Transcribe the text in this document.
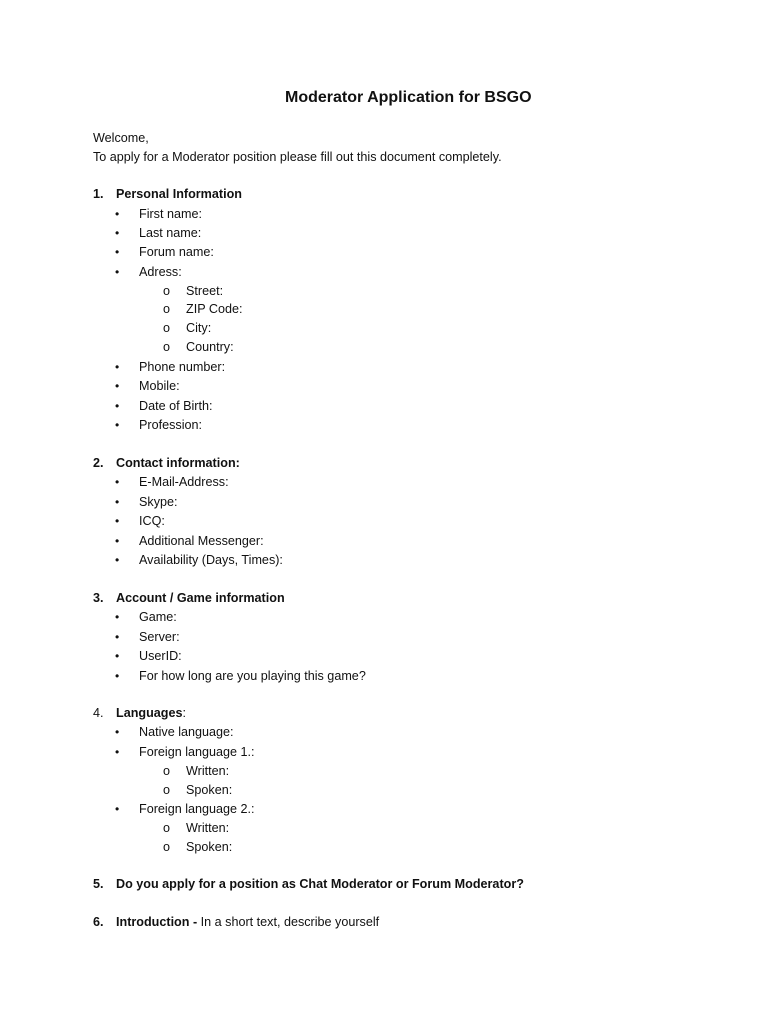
Moderator Application for BSGO
Welcome,
To apply for a Moderator position please fill out this document completely.
1. Personal Information
• First name:
• Last name:
• Forum name:
• Adress:
o Street:
o ZIP Code:
o City:
o Country:
• Phone number:
• Mobile:
• Date of Birth:
• Profession:
2. Contact information:
• E-Mail-Address:
• Skype:
• ICQ:
• Additional Messenger:
• Availability (Days, Times):
3. Account / Game information
• Game:
• Server:
• UserID:
• For how long are you playing this game?
4. Languages:
• Native language:
• Foreign language 1.:
o Written:
o Spoken:
• Foreign language 2.:
o Written:
o Spoken:
5. Do you apply for a position as Chat Moderator or Forum Moderator?
6. Introduction - In a short text, describe yourself
